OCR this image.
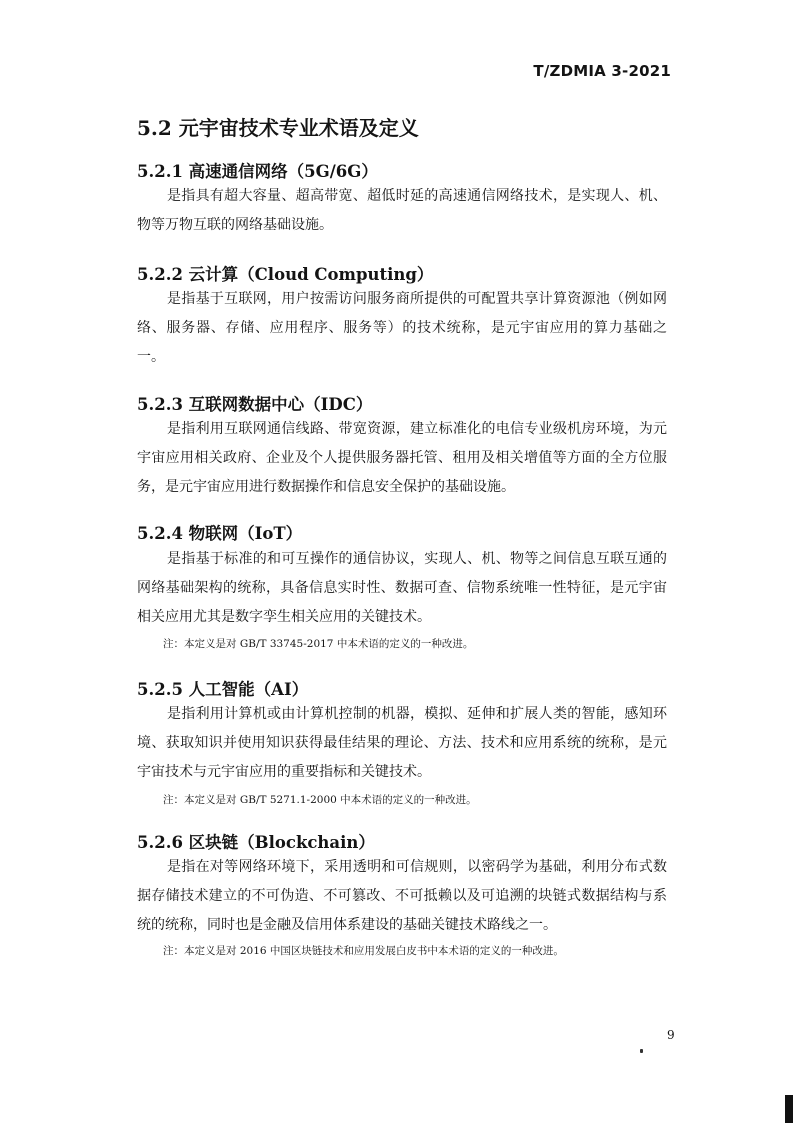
T/ZDMIA 3-2021
5.2 元宇宙技术专业术语及定义
5.2.1 高速通信网络（5G/6G）

是指具有超大容量、超高带宽、超低时延的高速通信网络技术，是实现人、机、物等万物互联的网络基础设施。

5.2.2 云计算（Cloud Computing）

是指基于互联网，用户按需访问服务商所提供的可配置共享计算资源池（例如网络、服务器、存储、应用程序、服务等）的技术统称，是元宇宙应用的算力基础之一。

5.2.3 互联网数据中心（IDC）

是指利用互联网通信线路、带宽资源，建立标准化的电信专业级机房环境，为元宇宙应用相关政府、企业及个人提供服务器托管、租用及相关增值等方面的全方位服务，是元宇宙应用进行数据操作和信息安全保护的基础设施。

5.2.4 物联网（IoT）

是指基于标准的和可互操作的通信协议，实现人、机、物等之间信息互联互通的网络基础架构的统称，具备信息实时性、数据可查、信物系统唯一性特征，是元宇宙相关应用尤其是数字孪生相关应用的关键技术。

注：本定义是对 GB/T 33745-2017 中本术语的定义的一种改进。

5.2.5 人工智能（AI）

是指利用计算机或由计算机控制的机器，模拟、延伸和扩展人类的智能，感知环境、获取知识并使用知识获得最佳结果的理论、方法、技术和应用系统的统称，是元宇宙技术与元宇宙应用的重要指标和关键技术。

注：本定义是对 GB/T 5271.1-2000 中本术语的定义的一种改进。

5.2.6 区块链（Blockchain）

是指在对等网络环境下，采用透明和可信规则，以密码学为基础，利用分布式数据存储技术建立的不可伪造、不可篡改、不可抵赖以及可追溯的块链式数据结构与系统的统称，同时也是金融及信用体系建设的基础关键技术路线之一。

注：本定义是对 2016 中国区块链技术和应用发展白皮书中本术语的定义的一种改进。

9
